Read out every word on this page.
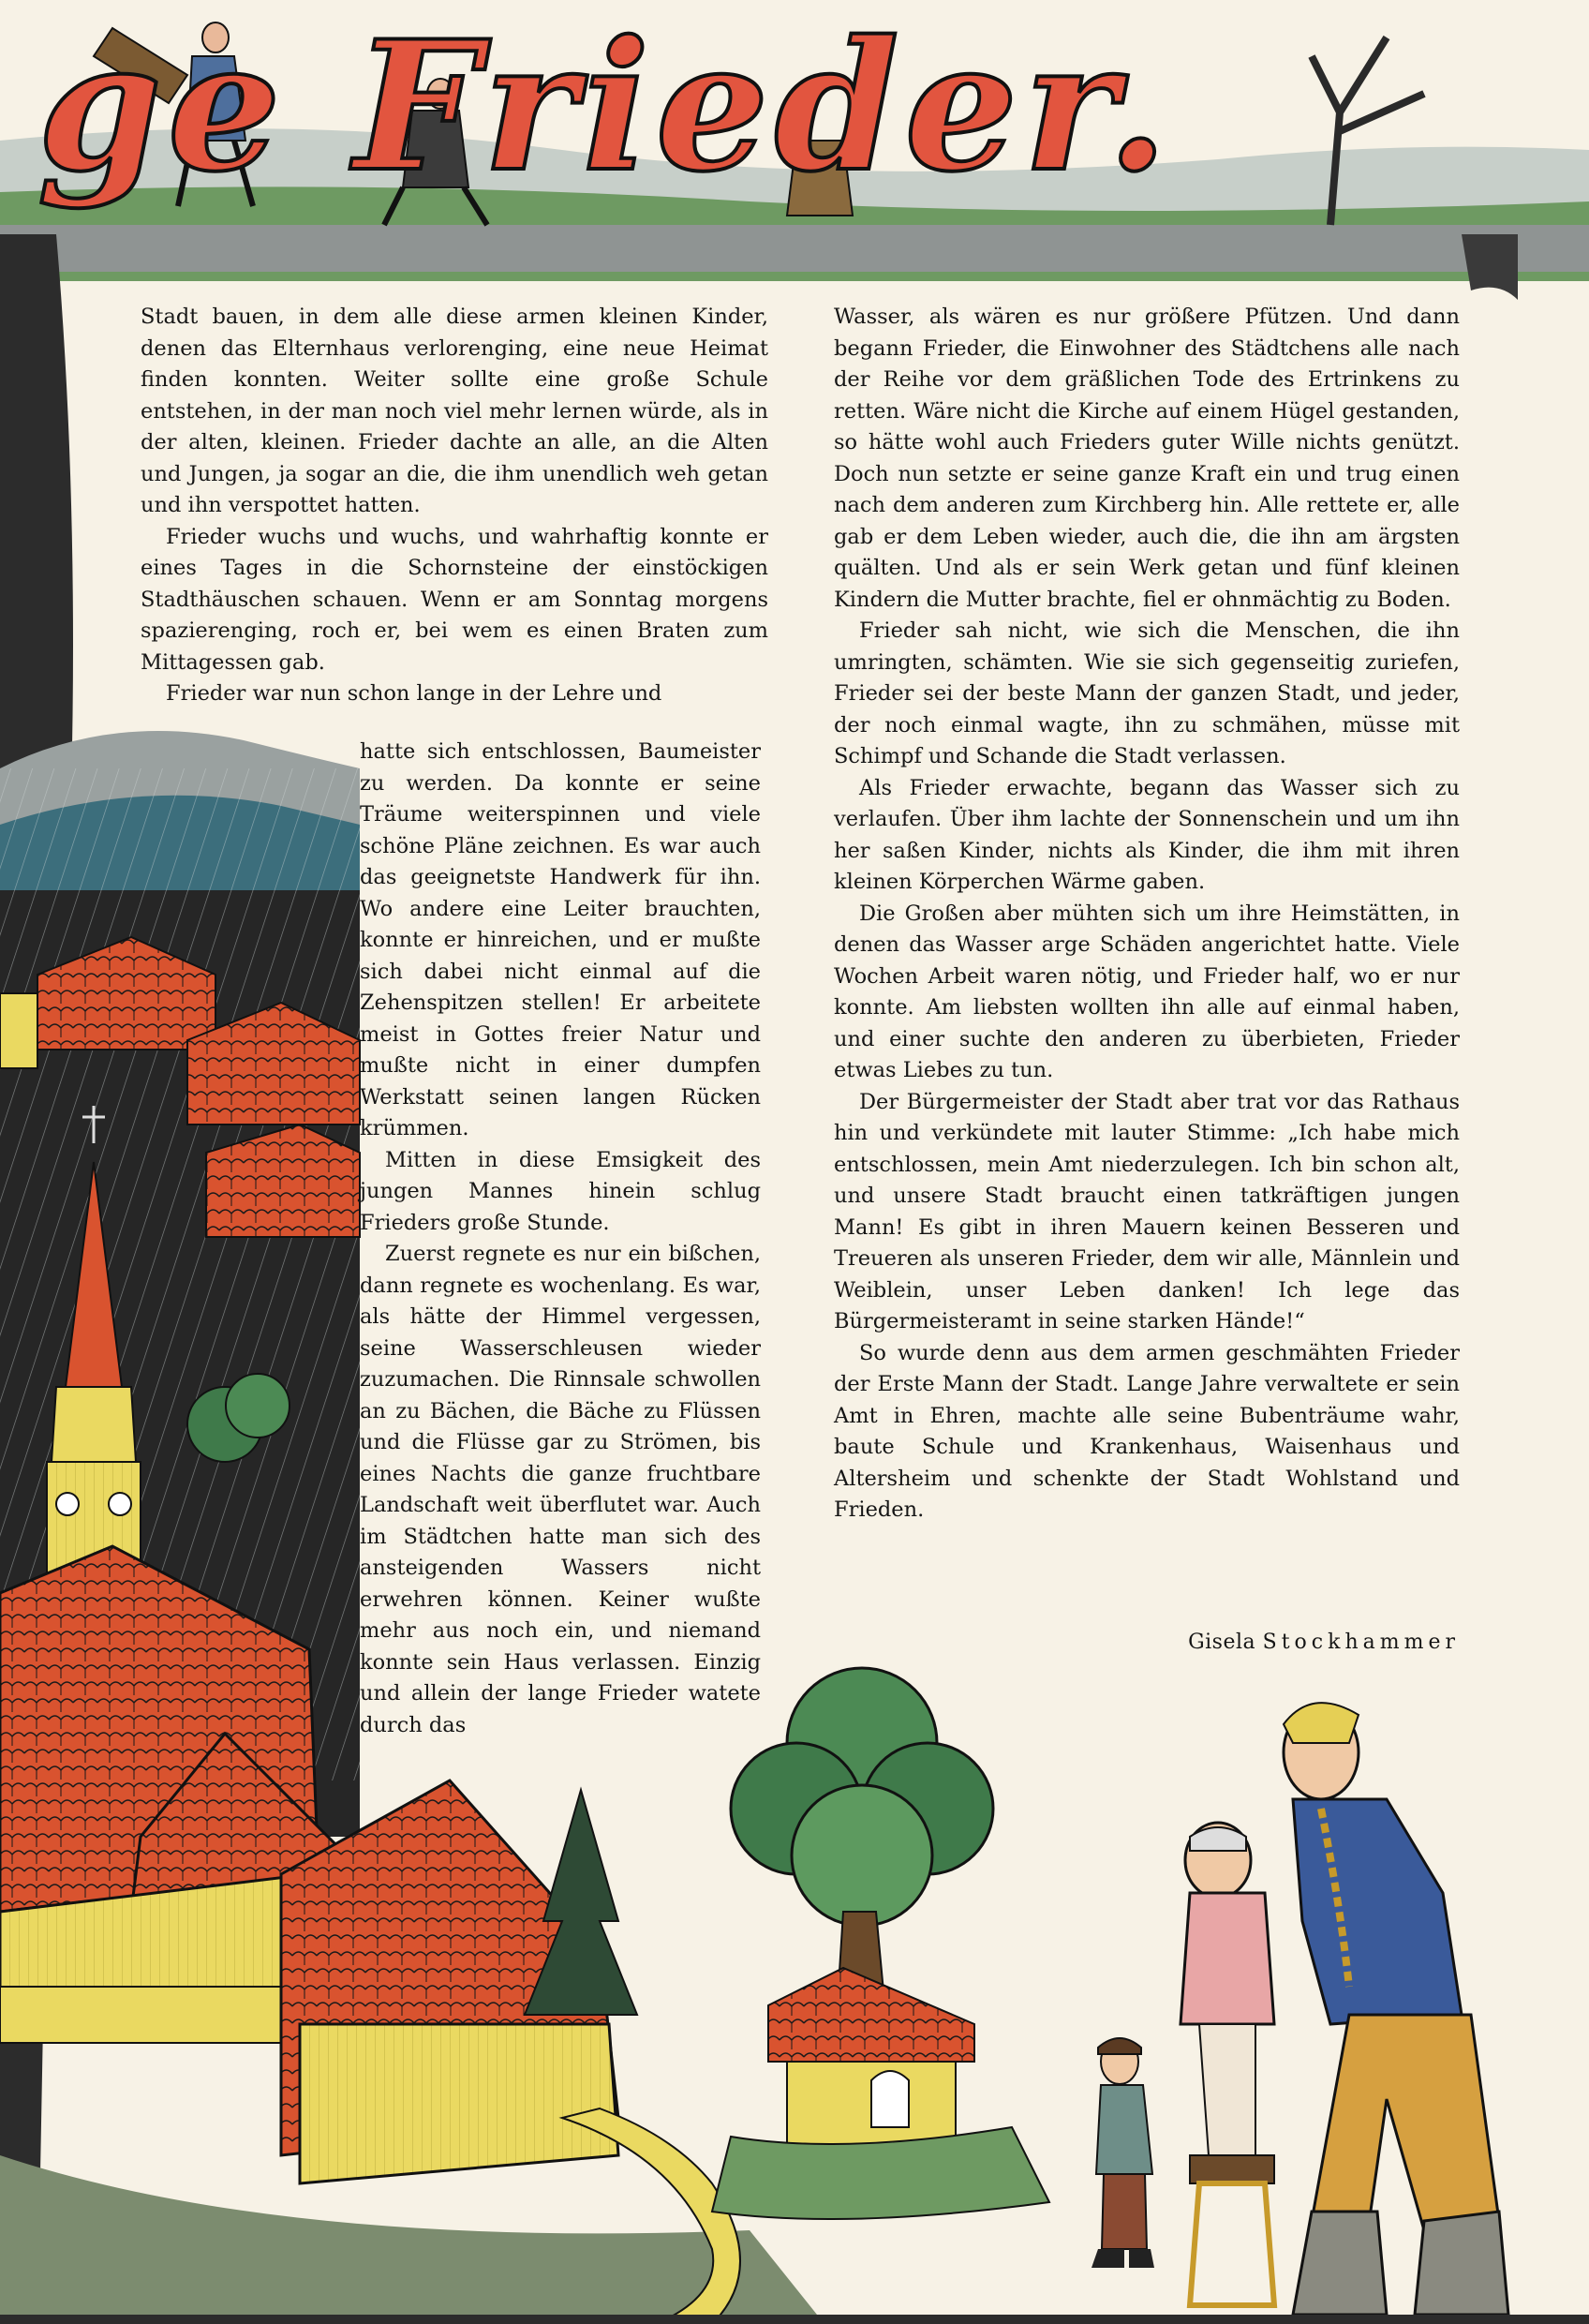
ge Frieder.

Stadt bauen, in dem alle diese armen kleinen Kinder, denen das Elternhaus verlorenging, eine neue Heimat finden konnten. Weiter sollte eine große Schule entstehen, in der man noch viel mehr lernen würde, als in der alten, kleinen. Frieder dachte an alle, an die Alten und Jungen, ja sogar an die, die ihm unendlich weh getan und ihn verspottet hatten.

Frieder wuchs und wuchs, und wahrhaftig konnte er eines Tages in die Schornsteine der einstöckigen Stadthäuschen schauen. Wenn er am Sonntag morgens spazierenging, roch er, bei wem es einen Braten zum Mittagessen gab.

Frieder war nun schon lange in der Lehre und

hatte sich entschlossen, Baumeister zu werden. Da konnte er seine Träume weiterspinnen und viele schöne Pläne zeichnen. Es war auch das geeignetste Handwerk für ihn. Wo andere eine Leiter brauchten, konnte er hinreichen, und er mußte sich dabei nicht einmal auf die Zehenspitzen stellen! Er arbeitete meist in Gottes freier Natur und mußte nicht in einer dumpfen Werkstatt seinen langen Rücken krümmen.

Mitten in diese Emsigkeit des jungen Mannes hinein schlug Frieders große Stunde.

Zuerst regnete es nur ein bißchen, dann regnete es wochenlang. Es war, als hätte der Himmel vergessen, seine Wasserschleusen wieder zuzumachen. Die Rinnsale schwollen an zu Bächen, die Bäche zu Flüssen und die Flüsse gar zu Strömen, bis eines Nachts die ganze fruchtbare Landschaft weit überflutet war. Auch im Städtchen hatte man sich des ansteigenden Wassers nicht erwehren können. Keiner wußte mehr aus noch ein, und niemand konnte sein Haus verlassen. Einzig und allein der lange Frieder watete durch das

Wasser, als wären es nur größere Pfützen. Und dann begann Frieder, die Einwohner des Städtchens alle nach der Reihe vor dem gräßlichen Tode des Ertrinkens zu retten. Wäre nicht die Kirche auf einem Hügel gestanden, so hätte wohl auch Frieders guter Wille nichts genützt. Doch nun setzte er seine ganze Kraft ein und trug einen nach dem anderen zum Kirchberg hin. Alle rettete er, alle gab er dem Leben wieder, auch die, die ihn am ärgsten quälten. Und als er sein Werk getan und fünf kleinen Kindern die Mutter brachte, fiel er ohnmächtig zu Boden.

Frieder sah nicht, wie sich die Menschen, die ihn umringten, schämten. Wie sie sich gegenseitig zuriefen, Frieder sei der beste Mann der ganzen Stadt, und jeder, der noch einmal wagte, ihn zu schmähen, müsse mit Schimpf und Schande die Stadt verlassen.

Als Frieder erwachte, begann das Wasser sich zu verlaufen. Über ihm lachte der Sonnenschein und um ihn her saßen Kinder, nichts als Kinder, die ihm mit ihren kleinen Körperchen Wärme gaben.

Die Großen aber mühten sich um ihre Heimstätten, in denen das Wasser arge Schäden angerichtet hatte. Viele Wochen Arbeit waren nötig, und Frieder half, wo er nur konnte. Am liebsten wollten ihn alle auf einmal haben, und einer suchte den anderen zu überbieten, Frieder etwas Liebes zu tun.

Der Bürgermeister der Stadt aber trat vor das Rathaus hin und verkündete mit lauter Stimme: „Ich habe mich entschlossen, mein Amt niederzulegen. Ich bin schon alt, und unsere Stadt braucht einen tatkräftigen jungen Mann! Es gibt in ihren Mauern keinen Besseren und Treueren als unseren Frieder, dem wir alle, Männlein und Weiblein, unser Leben danken! Ich lege das Bürgermeisteramt in seine starken Hände!“

So wurde denn aus dem armen geschmähten Frieder der Erste Mann der Stadt. Lange Jahre verwaltete er sein Amt in Ehren, machte alle seine Bubenträume wahr, baute Schule und Krankenhaus, Waisenhaus und Altersheim und schenkte der Stadt Wohlstand und Frieden.

Gisela Stockhammer
